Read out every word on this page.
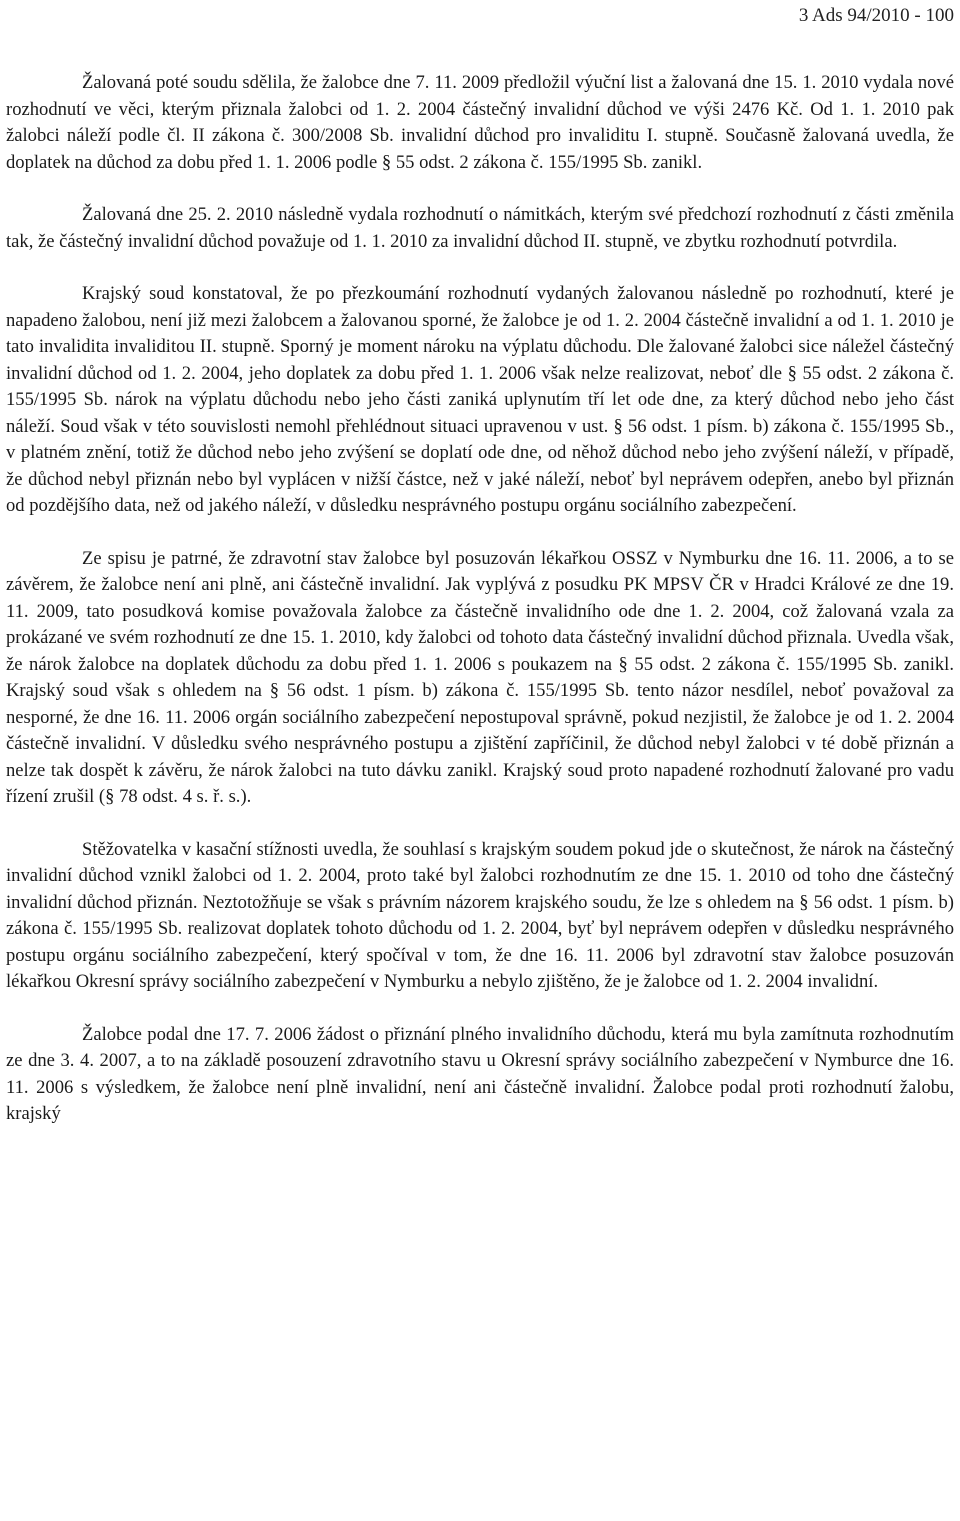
3 Ads 94/2010 - 100

Žalovaná poté soudu sdělila, že žalobce dne 7. 11. 2009 předložil výuční list a žalovaná dne 15. 1. 2010 vydala nové rozhodnutí ve věci, kterým přiznala žalobci od 1. 2. 2004 částečný invalidní důchod ve výši 2476 Kč. Od 1. 1. 2010 pak žalobci náleží podle čl. II zákona č. 300/2008 Sb. invalidní důchod pro invaliditu I. stupně. Současně žalovaná uvedla, že doplatek na důchod za dobu před 1. 1. 2006 podle § 55 odst. 2 zákona č. 155/1995 Sb. zanikl.

Žalovaná dne 25. 2. 2010 následně vydala rozhodnutí o námitkách, kterým své předchozí rozhodnutí z části změnila tak, že částečný invalidní důchod považuje od 1. 1. 2010 za invalidní důchod II. stupně, ve zbytku rozhodnutí potvrdila.

Krajský soud konstatoval, že po přezkoumání rozhodnutí vydaných žalovanou následně po rozhodnutí, které je napadeno žalobou, není již mezi žalobcem a žalovanou sporné, že žalobce je od 1. 2. 2004 částečně invalidní a od 1. 1. 2010 je tato invalidita invaliditou II. stupně. Sporný je moment nároku na výplatu důchodu. Dle žalované žalobci sice náležel částečný invalidní důchod od 1. 2. 2004, jeho doplatek za dobu před 1. 1. 2006 však nelze realizovat, neboť dle § 55 odst. 2 zákona č. 155/1995 Sb. nárok na výplatu důchodu nebo jeho části zaniká uplynutím tří let ode dne, za který důchod nebo jeho část náleží. Soud však v této souvislosti nemohl přehlédnout situaci upravenou v ust. § 56 odst. 1 písm. b) zákona č. 155/1995 Sb., v platném znění, totiž že důchod nebo jeho zvýšení se doplatí ode dne, od něhož důchod nebo jeho zvýšení náleží, v případě, že důchod nebyl přiznán nebo byl vyplácen v nižší částce, než v jaké náleží, neboť byl neprávem odepřen, anebo byl přiznán od pozdějšího data, než od jakého náleží, v důsledku nesprávného postupu orgánu sociálního zabezpečení.

Ze spisu je patrné, že zdravotní stav žalobce byl posuzován lékařkou OSSZ v Nymburku dne 16. 11. 2006, a to se závěrem, že žalobce není ani plně, ani částečně invalidní. Jak vyplývá z posudku PK MPSV ČR v Hradci Králové ze dne 19. 11. 2009, tato posudková komise považovala žalobce za částečně invalidního ode dne 1. 2. 2004, což žalovaná vzala za prokázané ve svém rozhodnutí ze dne 15. 1. 2010, kdy žalobci od tohoto data částečný invalidní důchod přiznala. Uvedla však, že nárok žalobce na doplatek důchodu za dobu před 1. 1. 2006 s poukazem na § 55 odst. 2 zákona č. 155/1995 Sb. zanikl. Krajský soud však s ohledem na § 56 odst. 1 písm. b) zákona č. 155/1995 Sb. tento názor nesdílel, neboť považoval za nesporné, že dne 16. 11. 2006 orgán sociálního zabezpečení nepostupoval správně, pokud nezjistil, že žalobce je od 1. 2. 2004 částečně invalidní. V důsledku svého nesprávného postupu a zjištění zapříčinil, že důchod nebyl žalobci v té době přiznán a nelze tak dospět k závěru, že nárok žalobci na tuto dávku zanikl. Krajský soud proto napadené rozhodnutí žalované pro vadu řízení zrušil (§ 78 odst. 4 s. ř. s.).

Stěžovatelka v kasační stížnosti uvedla, že souhlasí s krajským soudem pokud jde o skutečnost, že nárok na částečný invalidní důchod vznikl žalobci od 1. 2. 2004, proto také byl žalobci rozhodnutím ze dne 15. 1. 2010 od toho dne částečný invalidní důchod přiznán. Neztotožňuje se však s právním názorem krajského soudu, že lze s ohledem na § 56 odst. 1 písm. b) zákona č. 155/1995 Sb. realizovat doplatek tohoto důchodu od 1. 2. 2004, byť byl neprávem odepřen v důsledku nesprávného postupu orgánu sociálního zabezpečení, který spočíval v tom, že dne 16. 11. 2006 byl zdravotní stav žalobce posuzován lékařkou Okresní správy sociálního zabezpečení v Nymburku a nebylo zjištěno, že je žalobce od 1. 2. 2004 invalidní.

Žalobce podal dne 17. 7. 2006 žádost o přiznání plného invalidního důchodu, která mu byla zamítnuta rozhodnutím ze dne 3. 4. 2007, a to na základě posouzení zdravotního stavu u Okresní správy sociálního zabezpečení v Nymburce dne 16. 11. 2006 s výsledkem, že žalobce není plně invalidní, není ani částečně invalidní. Žalobce podal proti rozhodnutí žalobu, krajský
